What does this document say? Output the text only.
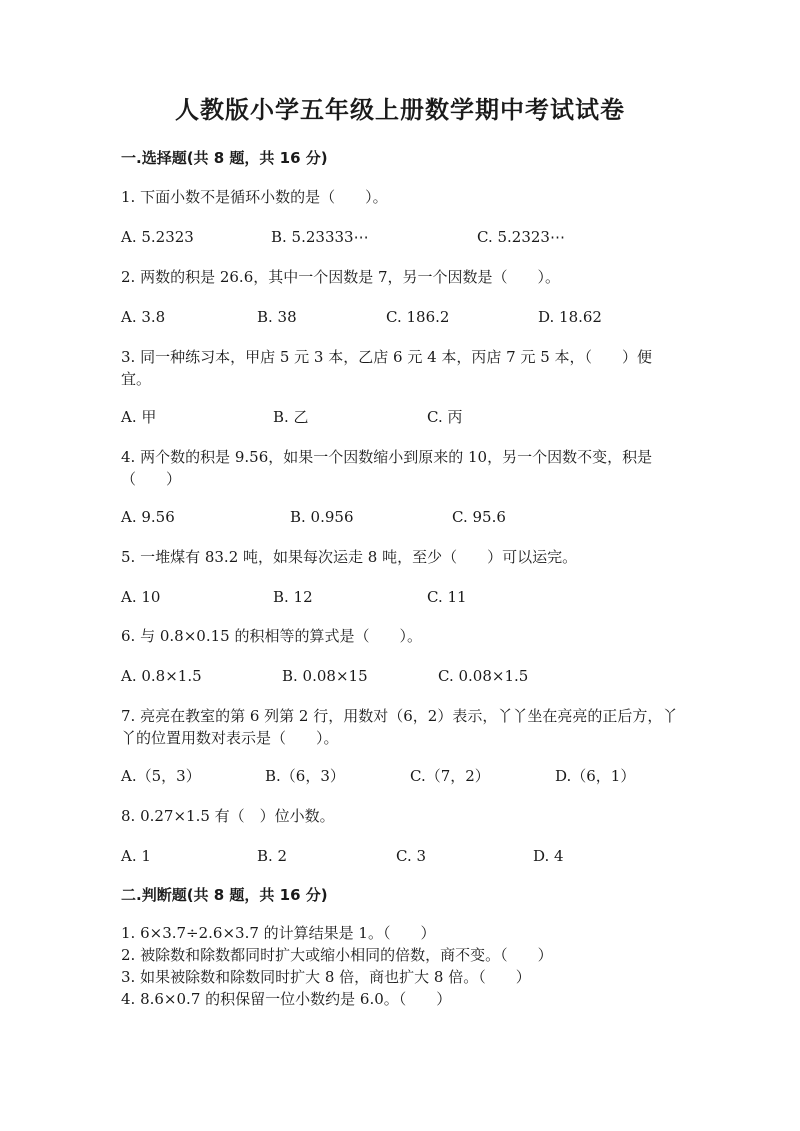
人教版小学五年级上册数学期中考试试卷
一.选择题(共 8 题，共 16 分)
1. 下面小数不是循环小数的是（　　）。
A. 5.2323	B. 5.23333⋯	C. 5.2323⋯
2. 两数的积是 26.6，其中一个因数是 7，另一个因数是（　　）。
A. 3.8	B. 38	C. 186.2	D. 18.62
3. 同一种练习本，甲店 5 元 3 本，乙店 6 元 4 本，丙店 7 元 5 本，（　　）便宜。
A. 甲	B. 乙	C. 丙
4. 两个数的积是 9.56，如果一个因数缩小到原来的 10，另一个因数不变，积是（　　）
A. 9.56	B. 0.956	C. 95.6
5. 一堆煤有 83.2 吨，如果每次运走 8 吨，至少（　　）可以运完。
A. 10	B. 12	C. 11
6. 与 0.8×0.15 的积相等的算式是（　　）。
A. 0.8×1.5	B. 0.08×15	C. 0.08×1.5
7. 亮亮在教室的第 6 列第 2 行，用数对（6，2）表示，丫丫坐在亮亮的正后方，丫丫的位置用数对表示是（　　）。
A.（5，3）	B.（6，3）	C.（7，2）	D.（6，1）
8. 0.27×1.5 有（　）位小数。
A. 1	B. 2	C. 3	D. 4
二.判断题(共 8 题，共 16 分)
1. 6×3.7÷2.6×3.7 的计算结果是 1。（　　）
2. 被除数和除数都同时扩大或缩小相同的倍数，商不变。（　　）
3. 如果被除数和除数同时扩大 8 倍，商也扩大 8 倍。（　　）
4. 8.6×0.7 的积保留一位小数约是 6.0。（　　）
